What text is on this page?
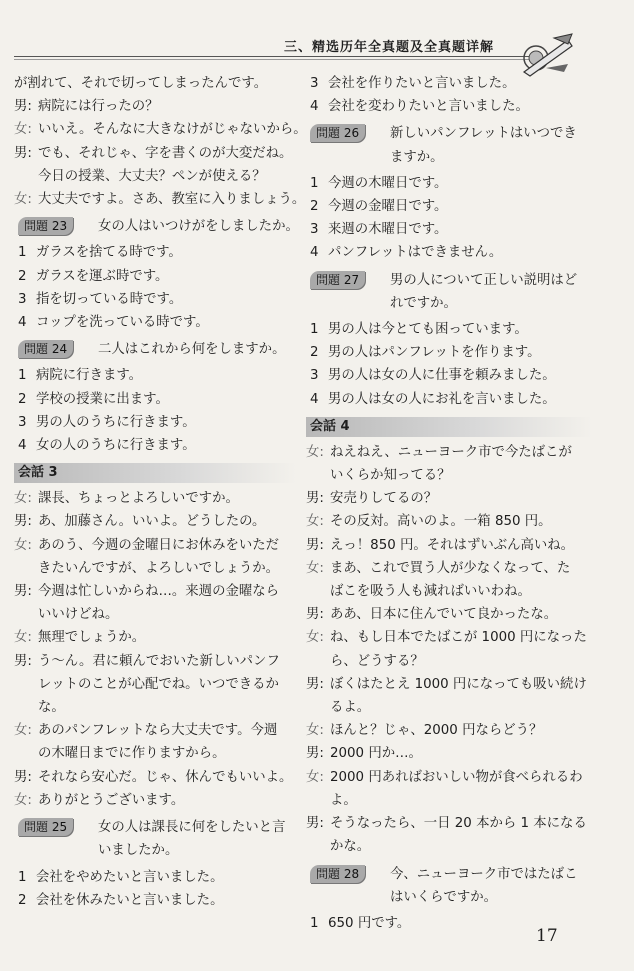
三、精选历年全真题及全真题详解
が割れて、それで切ってしまったんです。
男: 病院には行ったの？
女: いいえ。そんなに大きなけがじゃないから。
男: でも、それじゃ、字を書くのが大変だね。
今日の授業、大丈夫？ペンが使える？
女: 大丈夫ですよ。さあ、教室に入りましょう。
問題 23	女の人はいつけがをしましたか。
1 ガラスを捨てる時です。
2 ガラスを運ぶ時です。
3 指を切っている時です。
4 コップを洗っている時です。
問題 24	二人はこれから何をしますか。
1 病院に行きます。
2 学校の授業に出ます。
3 男の人のうちに行きます。
4 女の人のうちに行きます。
会話 3
女: 課長、ちょっとよろしいですか。
男: あ、加藤さん。いいよ。どうしたの。
女: あのう、今週の金曜日にお休みをいただ
きたいんですが、よろしいでしょうか。
男: 今週は忙しいからね…。来週の金曜なら
いいけどね。
女: 無理でしょうか。
男: う～ん。君に頼んでおいた新しいパンフ
レットのことが心配でね。いつできるか
な。
女: あのパンフレットなら大丈夫です。今週
の木曜日までに作りますから。
男: それなら安心だ。じゃ、休んでもいいよ。
女: ありがとうございます。
問題 25	女の人は課長に何をしたいと言
いましたか。
1 会社をやめたいと言いました。
2 会社を休みたいと言いました。
3 会社を作りたいと言いました。
4 会社を変わりたいと言いました。
問題 26	新しいパンフレットはいつでき
ますか。
1 今週の木曜日です。
2 今週の金曜日です。
3 来週の木曜日です。
4 パンフレットはできません。
問題 27	男の人について正しい説明はど
れですか。
1 男の人は今とても困っています。
2 男の人はパンフレットを作ります。
3 男の人は女の人に仕事を頼みました。
4 男の人は女の人にお礼を言いました。
会話 4
女: ねえねえ、ニューヨーク市で今たばこが
いくらか知ってる？
男: 安売りしてるの？
女: その反対。高いのよ。一箱 850 円。
男: えっ！850 円。それはずいぶん高いね。
女: まあ、これで買う人が少なくなって、た
ばこを吸う人も減ればいいわね。
男: ああ、日本に住んでいて良かったな。
女: ね、もし日本でたばこが 1000 円になった
ら、どうする？
男: ぼくはたとえ 1000 円になっても吸い続け
るよ。
女: ほんと？じゃ、2000 円ならどう？
男: 2000 円か…。
女: 2000 円あればおいしい物が食べられるわ
よ。
男: そうなったら、一日 20 本から 1 本になる
かな。
問題 28	今、ニューヨーク市ではたばこ
はいくらですか。
1 650 円です。
17
